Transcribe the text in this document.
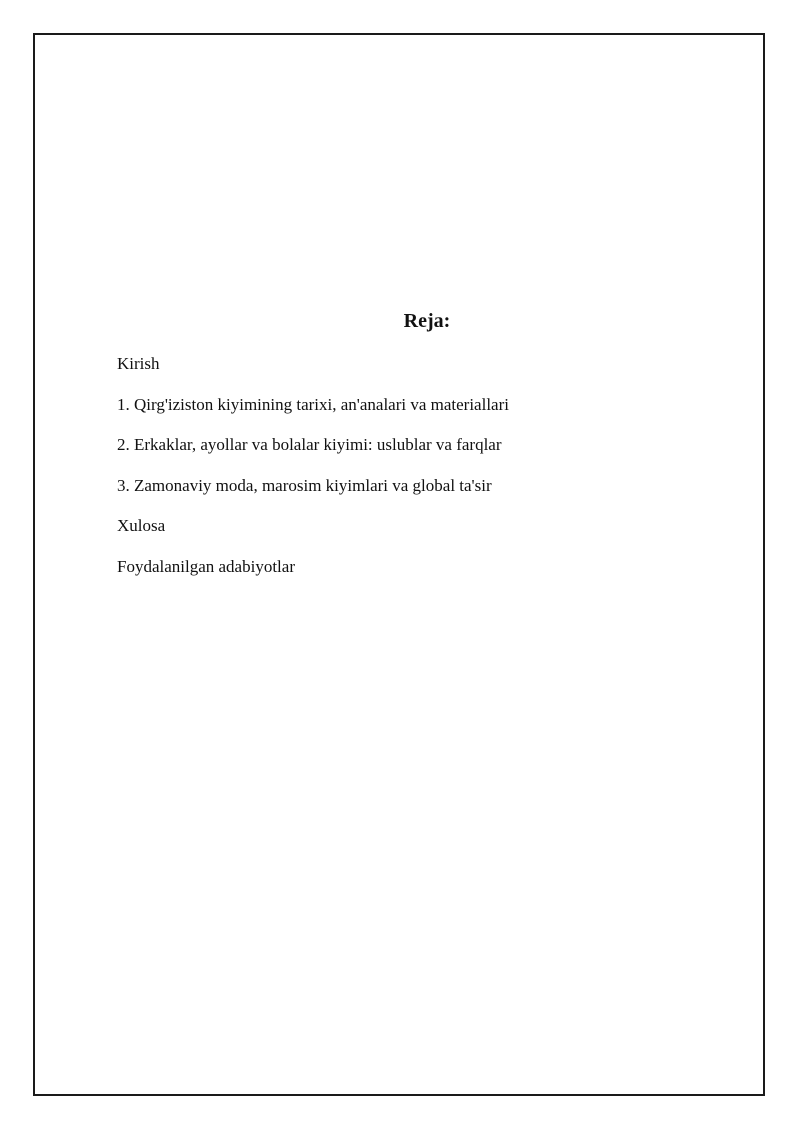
Reja:
Kirish
1. Qirg'iziston kiyimining tarixi, an'analari va materiallari
2. Erkaklar, ayollar va bolalar kiyimi: uslublar va farqlar
3. Zamonaviy moda, marosim kiyimlari va global ta'sir
Xulosa
Foydalanilgan adabiyotlar
